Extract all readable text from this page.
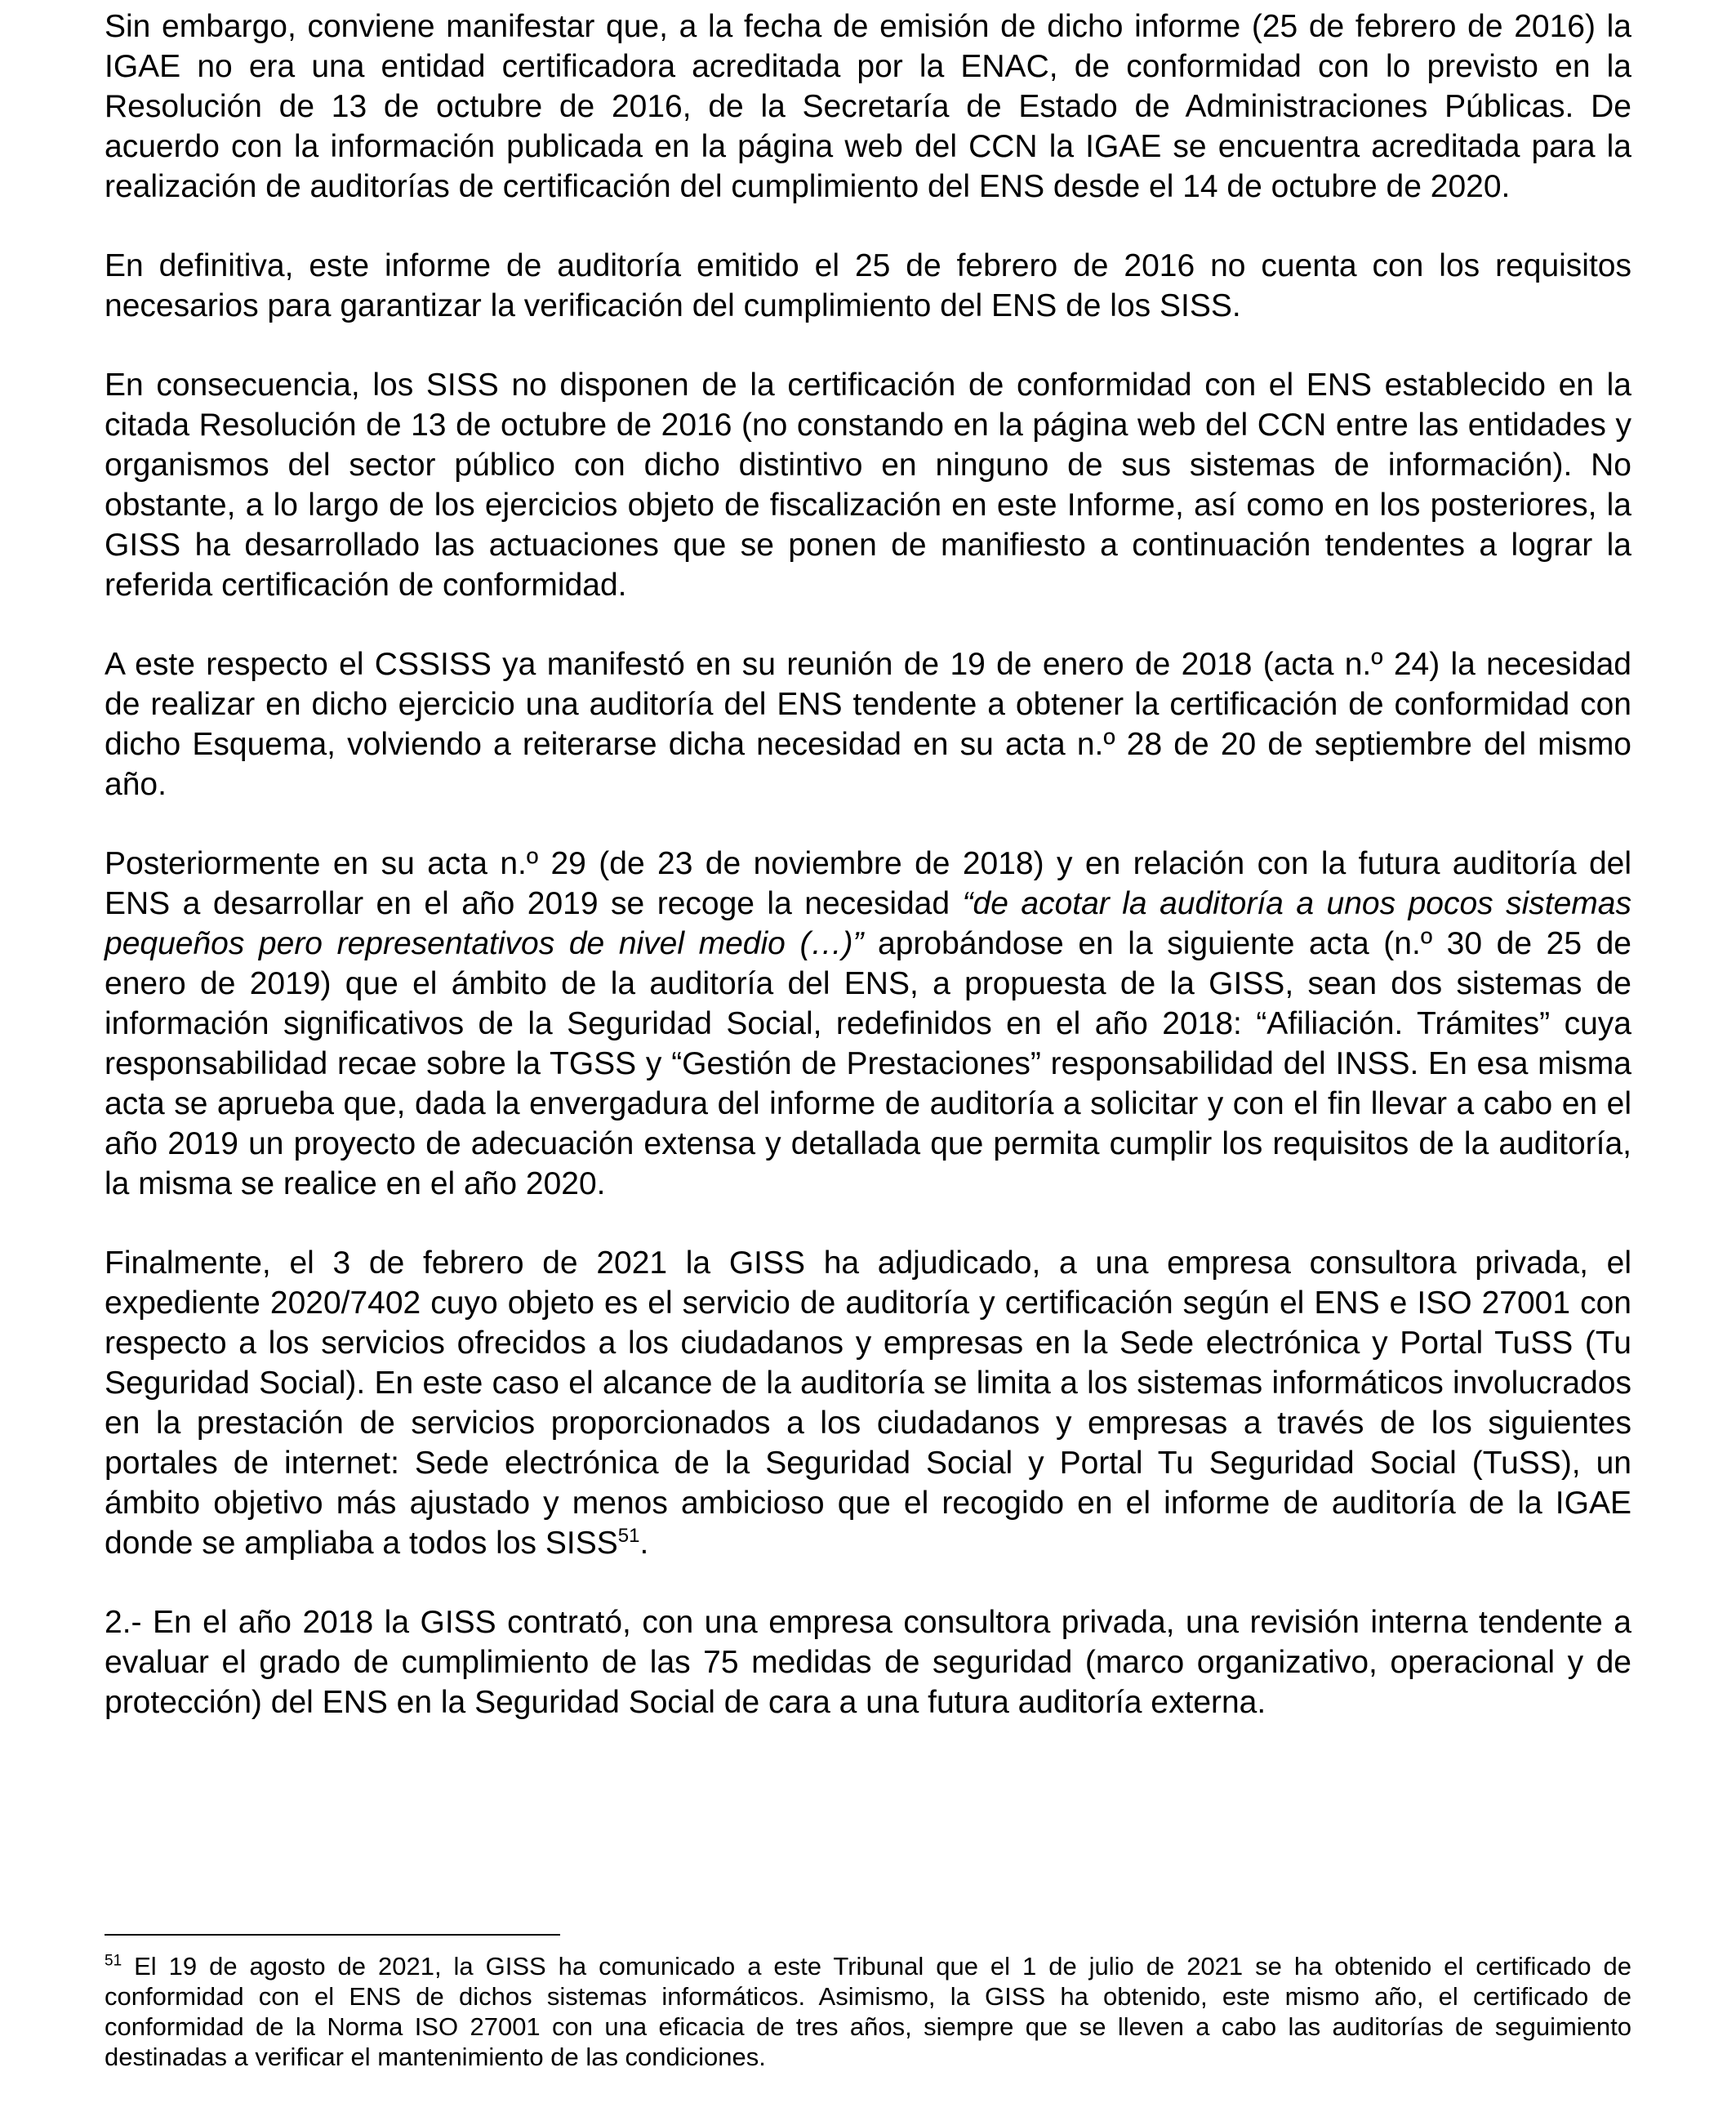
Sin embargo, conviene manifestar que, a la fecha de emisión de dicho informe (25 de febrero de 2016) la IGAE no era una entidad certificadora acreditada por la ENAC, de conformidad con lo previsto en la Resolución de 13 de octubre de 2016, de la Secretaría de Estado de Administraciones Públicas. De acuerdo con la información publicada en la página web del CCN la IGAE se encuentra acreditada para la realización de auditorías de certificación del cumplimiento del ENS desde el 14 de octubre de 2020.

En definitiva, este informe de auditoría emitido el 25 de febrero de 2016 no cuenta con los requisitos necesarios para garantizar la verificación del cumplimiento del ENS de los SISS.

En consecuencia, los SISS no disponen de la certificación de conformidad con el ENS establecido en la citada Resolución de 13 de octubre de 2016 (no constando en la página web del CCN entre las entidades y organismos del sector público con dicho distintivo en ninguno de sus sistemas de información). No obstante, a lo largo de los ejercicios objeto de fiscalización en este Informe, así como en los posteriores, la GISS ha desarrollado las actuaciones que se ponen de manifiesto a continuación tendentes a lograr la referida certificación de conformidad.

A este respecto el CSSISS ya manifestó en su reunión de 19 de enero de 2018 (acta n.º 24) la necesidad de realizar en dicho ejercicio una auditoría del ENS tendente a obtener la certificación de conformidad con dicho Esquema, volviendo a reiterarse dicha necesidad en su acta n.º 28 de 20 de septiembre del mismo año.

Posteriormente en su acta n.º 29 (de 23 de noviembre de 2018) y en relación con la futura auditoría del ENS a desarrollar en el año 2019 se recoge la necesidad “de acotar la auditoría a unos pocos sistemas pequeños pero representativos de nivel medio (…)” aprobándose en la siguiente acta (n.º 30 de 25 de enero de 2019) que el ámbito de la auditoría del ENS, a propuesta de la GISS, sean dos sistemas de información significativos de la Seguridad Social, redefinidos en el año 2018: “Afiliación. Trámites” cuya responsabilidad recae sobre la TGSS y “Gestión de Prestaciones” responsabilidad del INSS. En esa misma acta se aprueba que, dada la envergadura del informe de auditoría a solicitar y con el fin llevar a cabo en el año 2019 un proyecto de adecuación extensa y detallada que permita cumplir los requisitos de la auditoría, la misma se realice en el año 2020.

Finalmente, el 3 de febrero de 2021 la GISS ha adjudicado, a una empresa consultora privada, el expediente 2020/7402 cuyo objeto es el servicio de auditoría y certificación según el ENS e ISO 27001 con respecto a los servicios ofrecidos a los ciudadanos y empresas en la Sede electrónica y Portal TuSS (Tu Seguridad Social). En este caso el alcance de la auditoría se limita a los sistemas informáticos involucrados en la prestación de servicios proporcionados a los ciudadanos y empresas a través de los siguientes portales de internet: Sede electrónica de la Seguridad Social y Portal Tu Seguridad Social (TuSS), un ámbito objetivo más ajustado y menos ambicioso que el recogido en el informe de auditoría de la IGAE donde se ampliaba a todos los SISS$^{51}$.

2.- En el año 2018 la GISS contrató, con una empresa consultora privada, una revisión interna tendente a evaluar el grado de cumplimiento de las 75 medidas de seguridad (marco organizativo, operacional y de protección) del ENS en la Seguridad Social de cara a una futura auditoría externa.

$^{51}$ El 19 de agosto de 2021, la GISS ha comunicado a este Tribunal que el 1 de julio de 2021 se ha obtenido el certificado de conformidad con el ENS de dichos sistemas informáticos. Asimismo, la GISS ha obtenido, este mismo año, el certificado de conformidad de la Norma ISO 27001 con una eficacia de tres años, siempre que se lleven a cabo las auditorías de seguimiento destinadas a verificar el mantenimiento de las condiciones.
